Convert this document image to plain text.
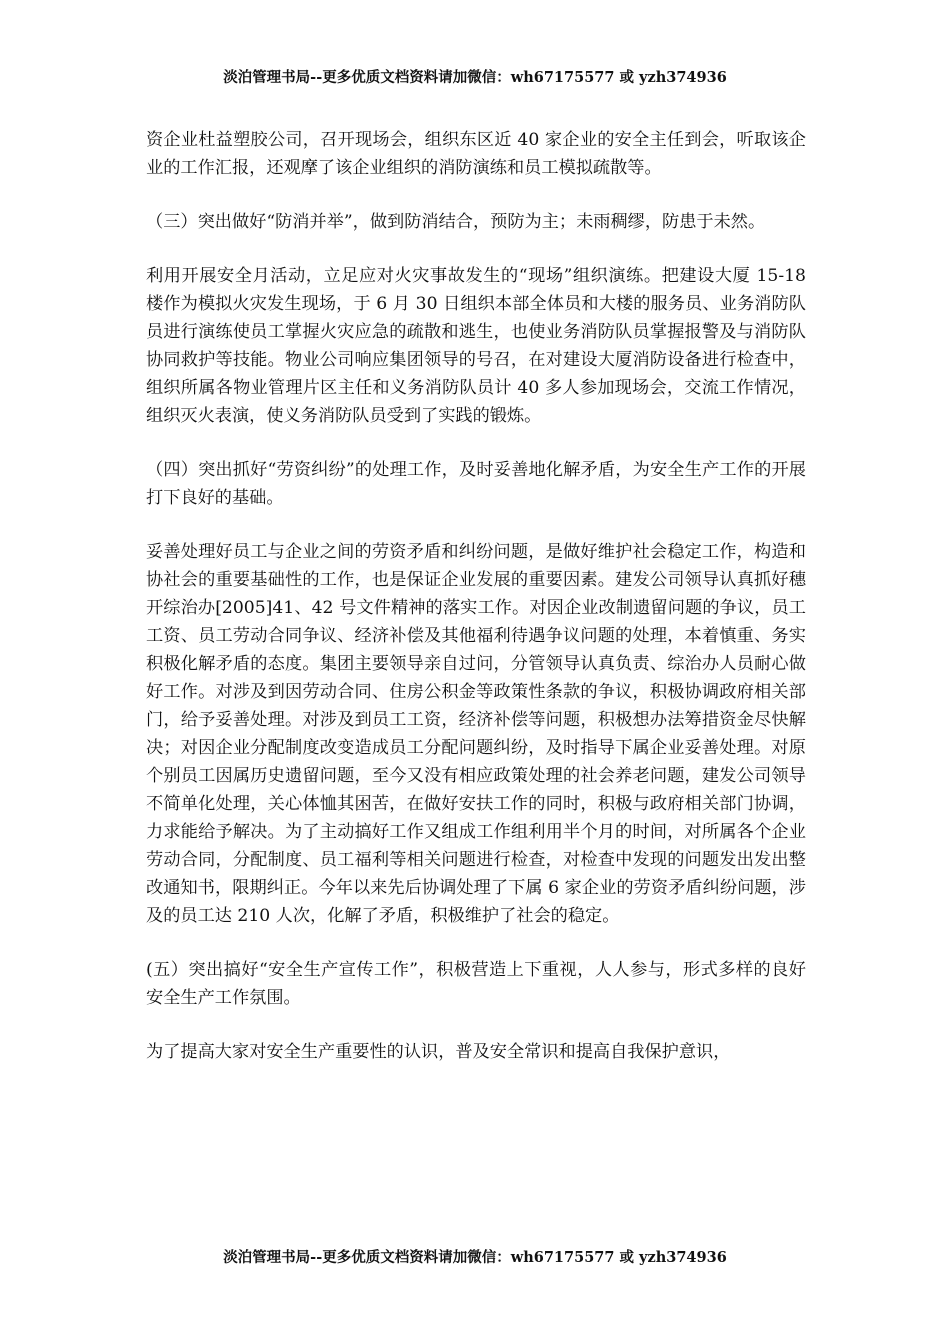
淡泊管理书局--更多优质文档资料请加微信：wh67175577 或 yzh374936

资企业杜益塑胶公司，召开现场会，组织东区近 40 家企业的安全主任到会，听取该企业的工作汇报，还观摩了该企业组织的消防演练和员工模拟疏散等。

（三）突出做好“防消并举”，做到防消结合，预防为主；未雨稠缪，防患于未然。

利用开展安全月活动，立足应对火灾事故发生的“现场”组织演练。把建设大厦 15-18 楼作为模拟火灾发生现场，于 6 月 30 日组织本部全体员和大楼的服务员、业务消防队员进行演练使员工掌握火灾应急的疏散和逃生，也使业务消防队员掌握报警及与消防队协同救护等技能。物业公司响应集团领导的号召，在对建设大厦消防设备进行检查中，组织所属各物业管理片区主任和义务消防队员计 40 多人参加现场会，交流工作情况，组织灭火表演，使义务消防队员受到了实践的锻炼。

（四）突出抓好“劳资纠纷”的处理工作，及时妥善地化解矛盾，为安全生产工作的开展打下良好的基础。

妥善处理好员工与企业之间的劳资矛盾和纠纷问题，是做好维护社会稳定工作，构造和协社会的重要基础性的工作，也是保证企业发展的重要因素。建发公司领导认真抓好穗开综治办[2005]41、42 号文件精神的落实工作。对因企业改制遗留问题的争议，员工工资、员工劳动合同争议、经济补偿及其他福利待遇争议问题的处理，本着慎重、务实积极化解矛盾的态度。集团主要领导亲自过问，分管领导认真负责、综治办人员耐心做好工作。对涉及到因劳动合同、住房公积金等政策性条款的争议，积极协调政府相关部门，给予妥善处理。对涉及到员工工资，经济补偿等问题，积极想办法筹措资金尽快解决；对因企业分配制度改变造成员工分配问题纠纷，及时指导下属企业妥善处理。对原个别员工因属历史遗留问题，至今又没有相应政策处理的社会养老问题，建发公司领导不简单化处理，关心体恤其困苦，在做好安扶工作的同时，积极与政府相关部门协调，力求能给予解决。为了主动搞好工作又组成工作组利用半个月的时间，对所属各个企业劳动合同，分配制度、员工福利等相关问题进行检查，对检查中发现的问题发出发出整改通知书，限期纠正。今年以来先后协调处理了下属 6 家企业的劳资矛盾纠纷问题，涉及的员工达 210 人次，化解了矛盾，积极维护了社会的稳定。

(五）突出搞好“安全生产宣传工作”，积极营造上下重视，人人参与，形式多样的良好安全生产工作氛围。

为了提高大家对安全生产重要性的认识，普及安全常识和提高自我保护意识，

淡泊管理书局--更多优质文档资料请加微信：wh67175577 或 yzh374936
